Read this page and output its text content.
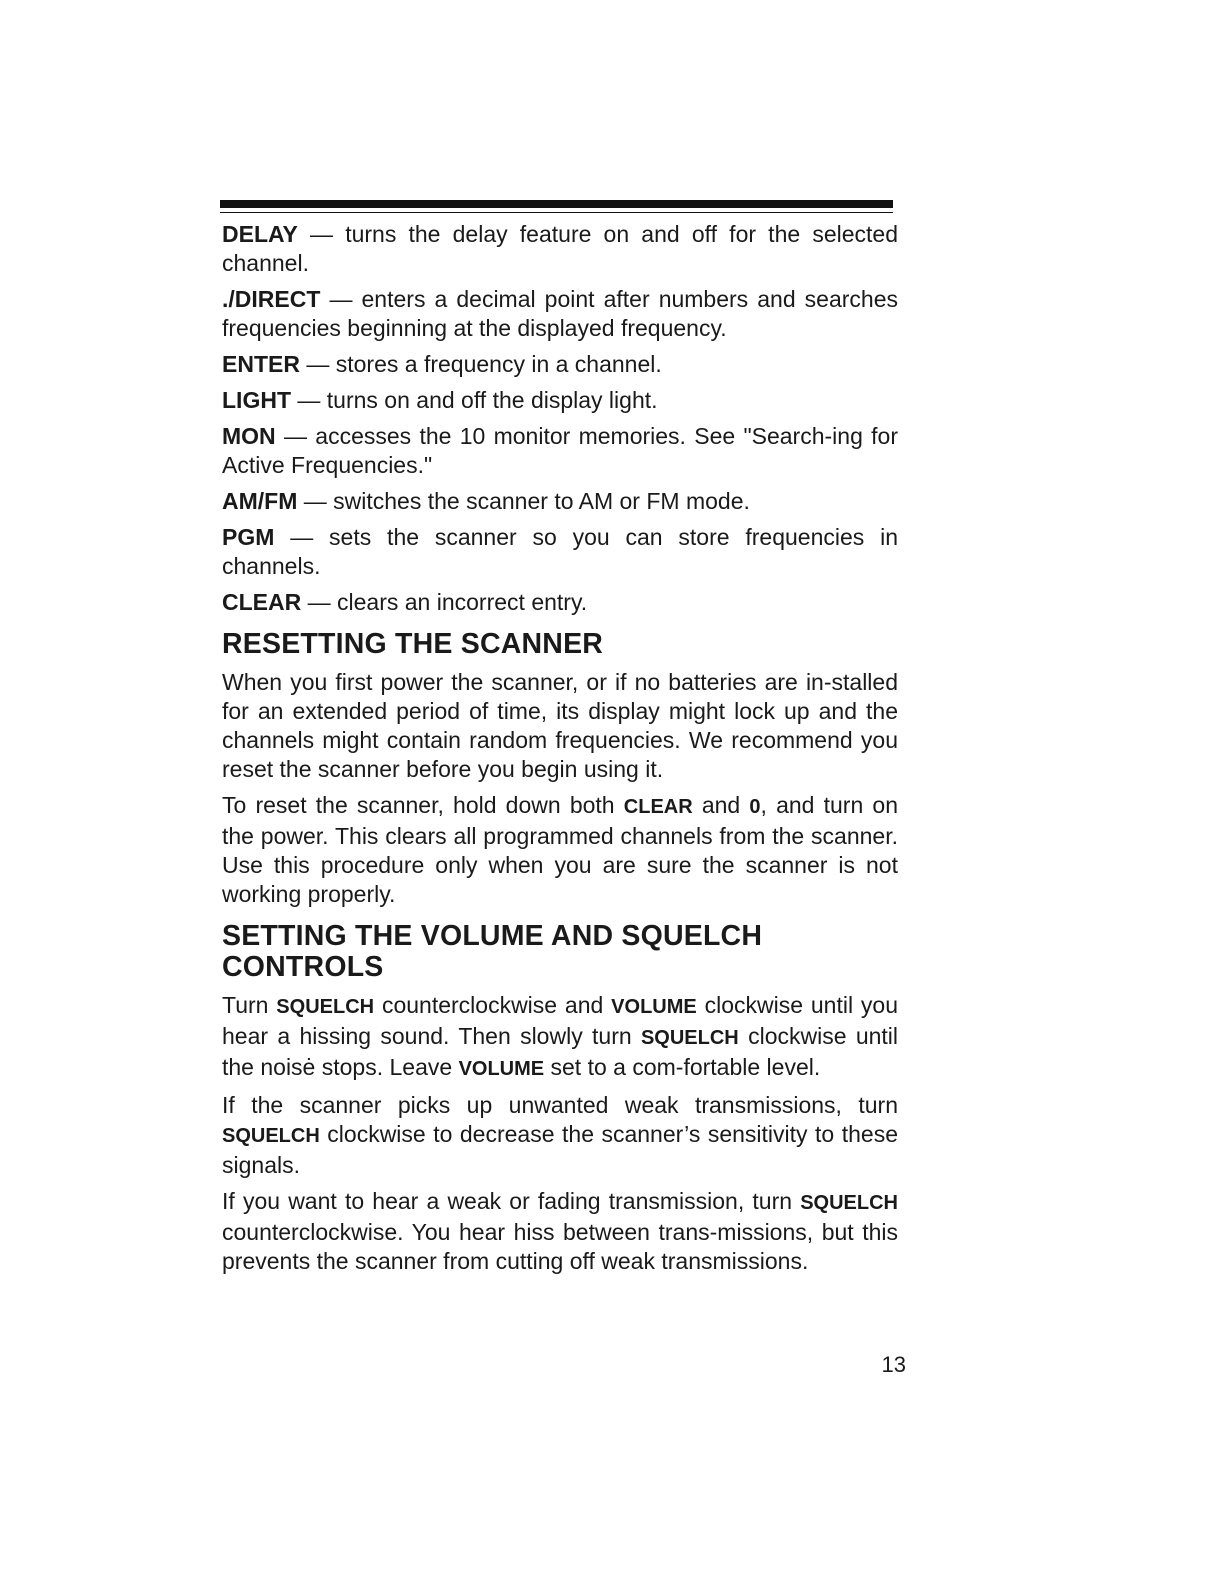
DELAY — turns the delay feature on and off for the selected channel.

./DIRECT — enters a decimal point after numbers and searches frequencies beginning at the displayed frequency.

ENTER — stores a frequency in a channel.

LIGHT — turns on and off the display light.

MON — accesses the 10 monitor memories. See "Search-ing for Active Frequencies."

AM/FM — switches the scanner to AM or FM mode.

PGM — sets the scanner so you can store frequencies in channels.

CLEAR — clears an incorrect entry.

RESETTING THE SCANNER

When you first power the scanner, or if no batteries are in-stalled for an extended period of time, its display might lock up and the channels might contain random frequencies. We recommend you reset the scanner before you begin using it.

To reset the scanner, hold down both CLEAR and 0, and turn on the power. This clears all programmed channels from the scanner. Use this procedure only when you are sure the scanner is not working properly.

SETTING THE VOLUME AND SQUELCH CONTROLS

Turn SQUELCH counterclockwise and VOLUME clockwise until you hear a hissing sound. Then slowly turn SQUELCH clockwise until the noisė stops. Leave VOLUME set to a com-fortable level.

If the scanner picks up unwanted weak transmissions, turn SQUELCH clockwise to decrease the scanner’s sensitivity to these signals.

If you want to hear a weak or fading transmission, turn SQUELCH counterclockwise. You hear hiss between trans-missions, but this prevents the scanner from cutting off weak transmissions.

13
